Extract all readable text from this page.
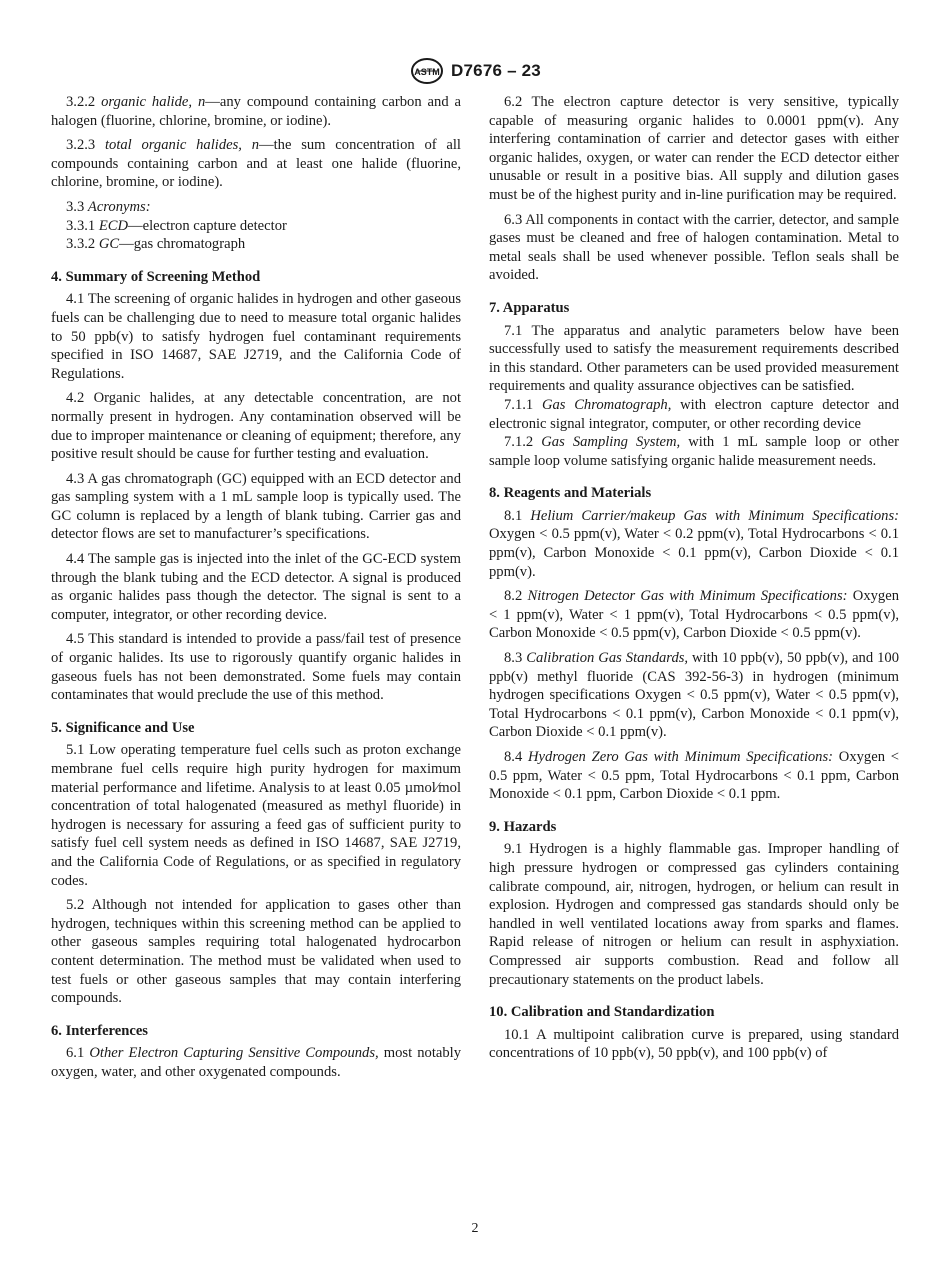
ASTM D7676 – 23

3.2.2 organic halide, n—any compound containing carbon and a halogen (fluorine, chlorine, bromine, or iodine).

3.2.3 total organic halides, n—the sum concentration of all compounds containing carbon and at least one halide (fluorine, chlorine, bromine, or iodine).

3.3 Acronyms:

3.3.1 ECD—electron capture detector

3.3.2 GC—gas chromatograph

4. Summary of Screening Method

4.1 The screening of organic halides in hydrogen and other gaseous fuels can be challenging due to need to measure total organic halides to 50 ppb(v) to satisfy hydrogen fuel contaminant requirements specified in ISO 14687, SAE J2719, and the California Code of Regulations.

4.2 Organic halides, at any detectable concentration, are not normally present in hydrogen. Any contamination observed will be due to improper maintenance or cleaning of equipment; therefore, any positive result should be cause for further testing and evaluation.

4.3 A gas chromatograph (GC) equipped with an ECD detector and gas sampling system with a 1 mL sample loop is typically used. The GC column is replaced by a length of blank tubing. Carrier gas and detector flows are set to manufacturer’s specifications.

4.4 The sample gas is injected into the inlet of the GC-ECD system through the blank tubing and the ECD detector. A signal is produced as organic halides pass though the detector. The signal is sent to a computer, integrator, or other recording device.

4.5 This standard is intended to provide a pass/fail test of presence of organic halides. Its use to rigorously quantify organic halides in gaseous fuels has not been demonstrated. Some fuels may contain contaminates that would preclude the use of this method.

5. Significance and Use

5.1 Low operating temperature fuel cells such as proton exchange membrane fuel cells require high purity hydrogen for maximum material performance and lifetime. Analysis to at least 0.05 µmol⁄mol concentration of total halogenated (measured as methyl fluoride) in hydrogen is necessary for assuring a feed gas of sufficient purity to satisfy fuel cell system needs as defined in ISO 14687, SAE J2719, and the California Code of Regulations, or as specified in regulatory codes.

5.2 Although not intended for application to gases other than hydrogen, techniques within this screening method can be applied to other gaseous samples requiring total halogenated hydrocarbon content determination. The method must be validated when used to test fuels or other gaseous samples that may contain interfering compounds.

6. Interferences

6.1 Other Electron Capturing Sensitive Compounds, most notably oxygen, water, and other oxygenated compounds.

6.2 The electron capture detector is very sensitive, typically capable of measuring organic halides to 0.0001 ppm(v). Any interfering contamination of carrier and detector gases with either organic halides, oxygen, or water can render the ECD detector either unusable or result in a positive bias. All supply and dilution gases must be of the highest purity and in-line purification may be required.

6.3 All components in contact with the carrier, detector, and sample gases must be cleaned and free of halogen contamination. Metal to metal seals shall be used whenever possible. Teflon seals shall be avoided.

7. Apparatus

7.1 The apparatus and analytic parameters below have been successfully used to satisfy the measurement requirements described in this standard. Other parameters can be used provided measurement requirements and quality assurance objectives can be satisfied.

7.1.1 Gas Chromatograph, with electron capture detector and electronic signal integrator, computer, or other recording device

7.1.2 Gas Sampling System, with 1 mL sample loop or other sample loop volume satisfying organic halide measurement needs.

8. Reagents and Materials

8.1 Helium Carrier/makeup Gas with Minimum Specifications: Oxygen < 0.5 ppm(v), Water < 0.2 ppm(v), Total Hydrocarbons < 0.1 ppm(v), Carbon Monoxide < 0.1 ppm(v), Carbon Dioxide < 0.1 ppm(v).

8.2 Nitrogen Detector Gas with Minimum Specifications: Oxygen < 1 ppm(v), Water < 1 ppm(v), Total Hydrocarbons < 0.5 ppm(v), Carbon Monoxide < 0.5 ppm(v), Carbon Dioxide < 0.5 ppm(v).

8.3 Calibration Gas Standards, with 10 ppb(v), 50 ppb(v), and 100 ppb(v) methyl fluoride (CAS 392-56-3) in hydrogen (minimum hydrogen specifications Oxygen < 0.5 ppm(v), Water < 0.5 ppm(v), Total Hydrocarbons < 0.1 ppm(v), Carbon Monoxide < 0.1 ppm(v), Carbon Dioxide < 0.1 ppm(v).

8.4 Hydrogen Zero Gas with Minimum Specifications: Oxygen < 0.5 ppm, Water < 0.5 ppm, Total Hydrocarbons < 0.1 ppm, Carbon Monoxide < 0.1 ppm, Carbon Dioxide < 0.1 ppm.

9. Hazards

9.1 Hydrogen is a highly flammable gas. Improper handling of high pressure hydrogen or compressed gas cylinders containing calibrate compound, air, nitrogen, hydrogen, or helium can result in explosion. Hydrogen and compressed gas standards should only be handled in well ventilated locations away from sparks and flames. Rapid release of nitrogen or helium can result in asphyxiation. Compressed air supports combustion. Read and follow all precautionary statements on the product labels.

10. Calibration and Standardization

10.1 A multipoint calibration curve is prepared, using standard concentrations of 10 ppb(v), 50 ppb(v), and 100 ppb(v) of

2
